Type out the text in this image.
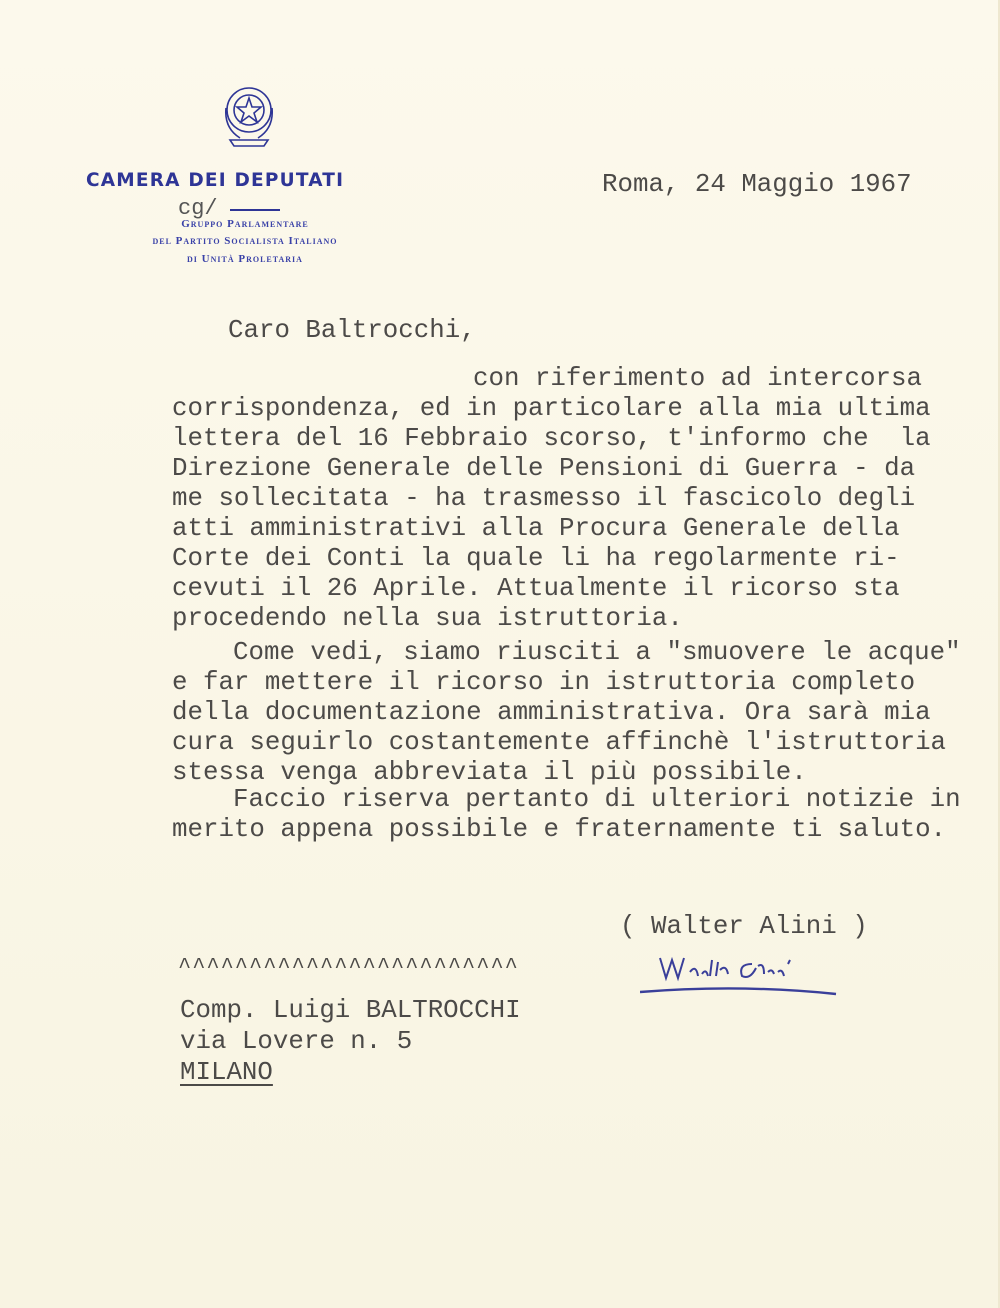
CAMERA DEI DEPUTATI
cg/
Gruppo Parlamentare
del Partito Socialista Italiano
di Unità Proletaria
Roma, 24 Maggio 1967
Caro Baltrocchi,
con riferimento ad intercorsa
corrispondenza, ed in particolare alla mia ultima
lettera del 16 Febbraio scorso, t'informo che  la
Direzione Generale delle Pensioni di Guerra - da
me sollecitata - ha trasmesso il fascicolo degli
atti amministrativi alla Procura Generale della
Corte dei Conti la quale li ha regolarmente ri-
cevuti il 26 Aprile. Attualmente il ricorso sta
procedendo nella sua istruttoria.
Come vedi, siamo riusciti a "smuovere le acque"
e far mettere il ricorso in istruttoria completo
della documentazione amministrativa. Ora sarà mia
cura seguirlo costantemente affinchè l'istruttoria
stessa venga abbreviata il più possibile.
Faccio riserva pertanto di ulteriori notizie in
merito appena possibile e fraternamente ti saluto.
( Walter Alini )
^^^^^^^^^^^^^^^^^^^^^^^^
Comp. Luigi BALTROCCHI
via Lovere n. 5
MILANO
